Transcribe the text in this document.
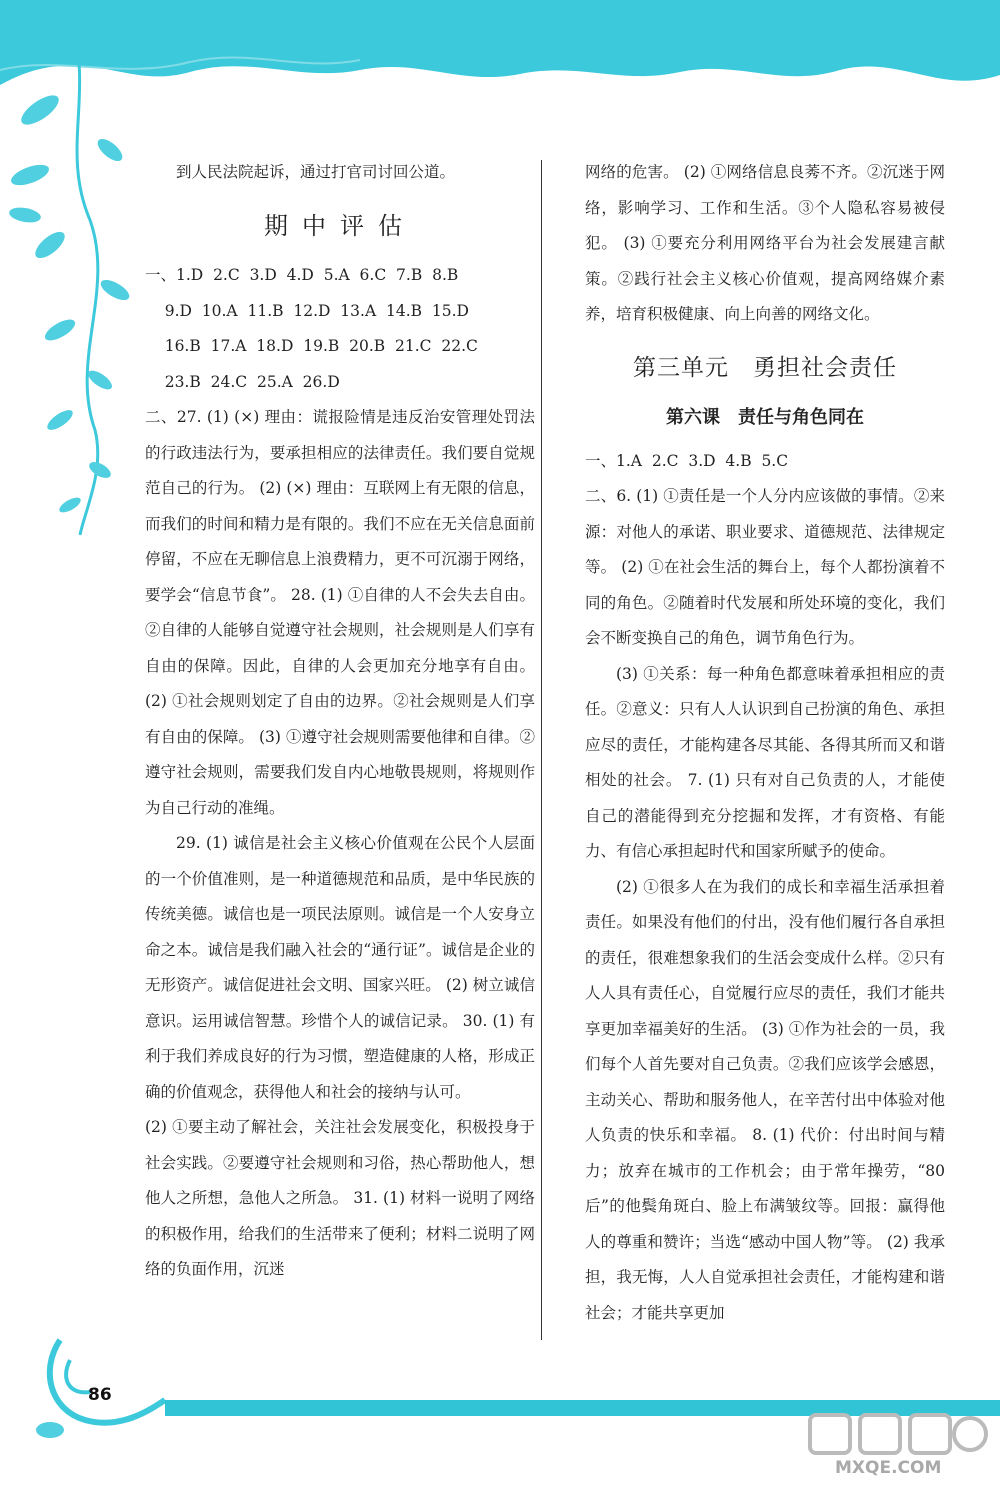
到人民法院起诉，通过打官司讨回公道。

期中评估

一、1.D  2.C  3.D  4.D  5.A  6.C  7.B  8.B

9.D  10.A  11.B  12.D  13.A  14.B  15.D

16.B  17.A  18.D  19.B  20.B  21.C  22.C

23.B  24.C  25.A  26.D

二、27. (1) (×) 理由：谎报险情是违反治安管理处罚法的行政违法行为，要承担相应的法律责任。我们要自觉规范自己的行为。 (2) (×) 理由：互联网上有无限的信息，而我们的时间和精力是有限的。我们不应在无关信息面前停留，不应在无聊信息上浪费精力，更不可沉溺于网络，要学会“信息节食”。 28. (1) ①自律的人不会失去自由。②自律的人能够自觉遵守社会规则，社会规则是人们享有自由的保障。因此，自律的人会更加充分地享有自由。 (2) ①社会规则划定了自由的边界。②社会规则是人们享有自由的保障。 (3) ①遵守社会规则需要他律和自律。②遵守社会规则，需要我们发自内心地敬畏规则，将规则作为自己行动的准绳。

29. (1) 诚信是社会主义核心价值观在公民个人层面的一个价值准则，是一种道德规范和品质，是中华民族的传统美德。诚信也是一项民法原则。诚信是一个人安身立命之本。诚信是我们融入社会的“通行证”。诚信是企业的无形资产。诚信促进社会文明、国家兴旺。 (2) 树立诚信意识。运用诚信智慧。珍惜个人的诚信记录。 30. (1) 有利于我们养成良好的行为习惯，塑造健康的人格，形成正确的价值观念，获得他人和社会的接纳与认可。

(2) ①要主动了解社会，关注社会发展变化，积极投身于社会实践。②要遵守社会规则和习俗，热心帮助他人，想他人之所想，急他人之所急。 31. (1) 材料一说明了网络的积极作用，给我们的生活带来了便利；材料二说明了网络的负面作用，沉迷

网络的危害。 (2) ①网络信息良莠不齐。②沉迷于网络，影响学习、工作和生活。③个人隐私容易被侵犯。 (3) ①要充分利用网络平台为社会发展建言献策。②践行社会主义核心价值观，提高网络媒介素养，培育积极健康、向上向善的网络文化。

第三单元　勇担社会责任
第六课　责任与角色同在

一、1.A  2.C  3.D  4.B  5.C

二、6. (1) ①责任是一个人分内应该做的事情。②来源：对他人的承诺、职业要求、道德规范、法律规定等。 (2) ①在社会生活的舞台上，每个人都扮演着不同的角色。②随着时代发展和所处环境的变化，我们会不断变换自己的角色，调节角色行为。

(3) ①关系：每一种角色都意味着承担相应的责任。②意义：只有人人认识到自己扮演的角色、承担应尽的责任，才能构建各尽其能、各得其所而又和谐相处的社会。 7. (1) 只有对自己负责的人，才能使自己的潜能得到充分挖掘和发挥，才有资格、有能力、有信心承担起时代和国家所赋予的使命。

(2) ①很多人在为我们的成长和幸福生活承担着责任。如果没有他们的付出，没有他们履行各自承担的责任，很难想象我们的生活会变成什么样。②只有人人具有责任心，自觉履行应尽的责任，我们才能共享更加幸福美好的生活。 (3) ①作为社会的一员，我们每个人首先要对自己负责。②我们应该学会感恩，主动关心、帮助和服务他人，在辛苦付出中体验对他人负责的快乐和幸福。 8. (1) 代价：付出时间与精力；放弃在城市的工作机会；由于常年操劳，“80后”的他鬓角斑白、脸上布满皱纹等。回报：赢得他人的尊重和赞许；当选“感动中国人物”等。 (2) 我承担，我无悔，人人自觉承担社会责任，才能构建和谐社会；才能共享更加

86
MXQE.COM
